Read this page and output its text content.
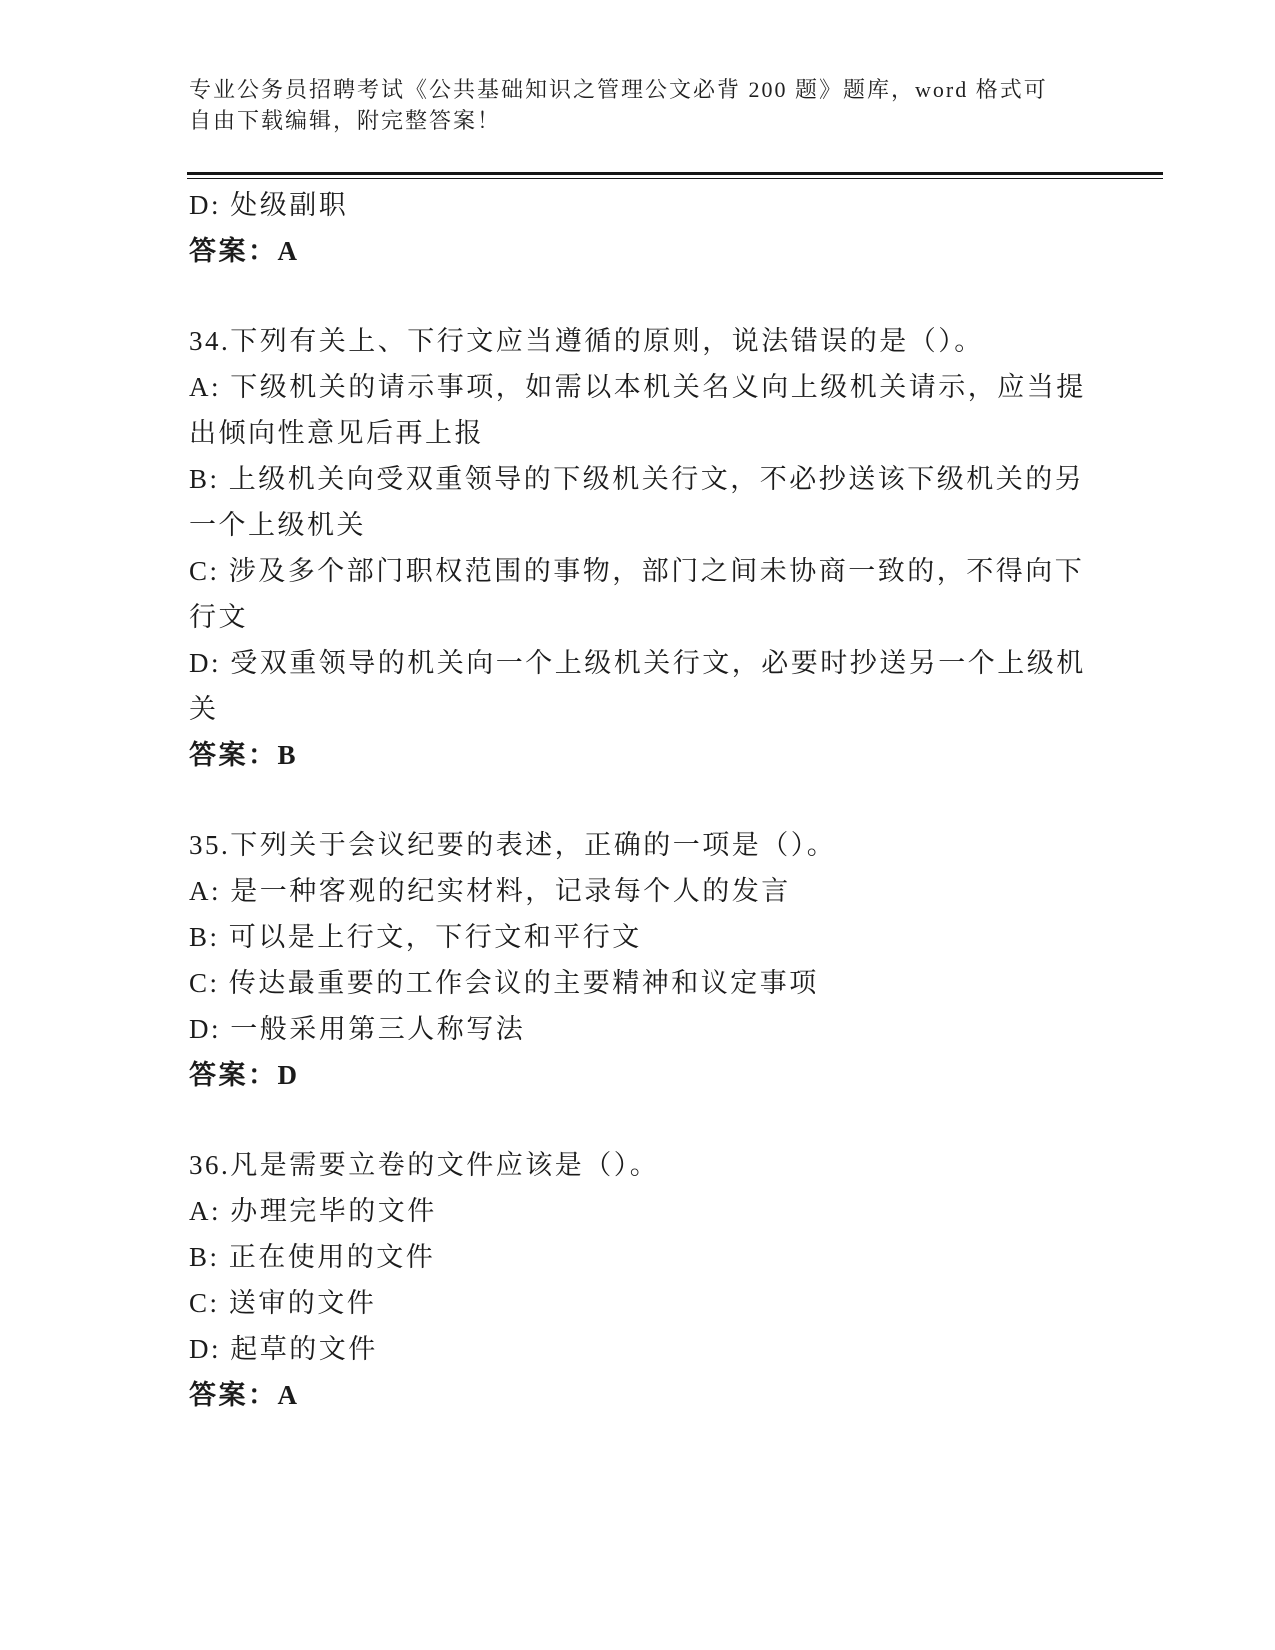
专业公务员招聘考试《公共基础知识之管理公文必背 200 题》题库，word 格式可

自由下载编辑，附完整答案！

D: 处级副职

答案：A

34.下列有关上、下行文应当遵循的原则，说法错误的是（）。

A: 下级机关的请示事项，如需以本机关名义向上级机关请示，应当提

出倾向性意见后再上报

B: 上级机关向受双重领导的下级机关行文，不必抄送该下级机关的另

一个上级机关

C: 涉及多个部门职权范围的事物，部门之间未协商一致的，不得向下

行文

D: 受双重领导的机关向一个上级机关行文，必要时抄送另一个上级机

关

答案：B

35.下列关于会议纪要的表述，正确的一项是（）。

A: 是一种客观的纪实材料，记录每个人的发言

B: 可以是上行文，下行文和平行文

C: 传达最重要的工作会议的主要精神和议定事项

D: 一般采用第三人称写法

答案：D

36.凡是需要立卷的文件应该是（）。

A: 办理完毕的文件

B: 正在使用的文件

C: 送审的文件

D: 起草的文件

答案：A
